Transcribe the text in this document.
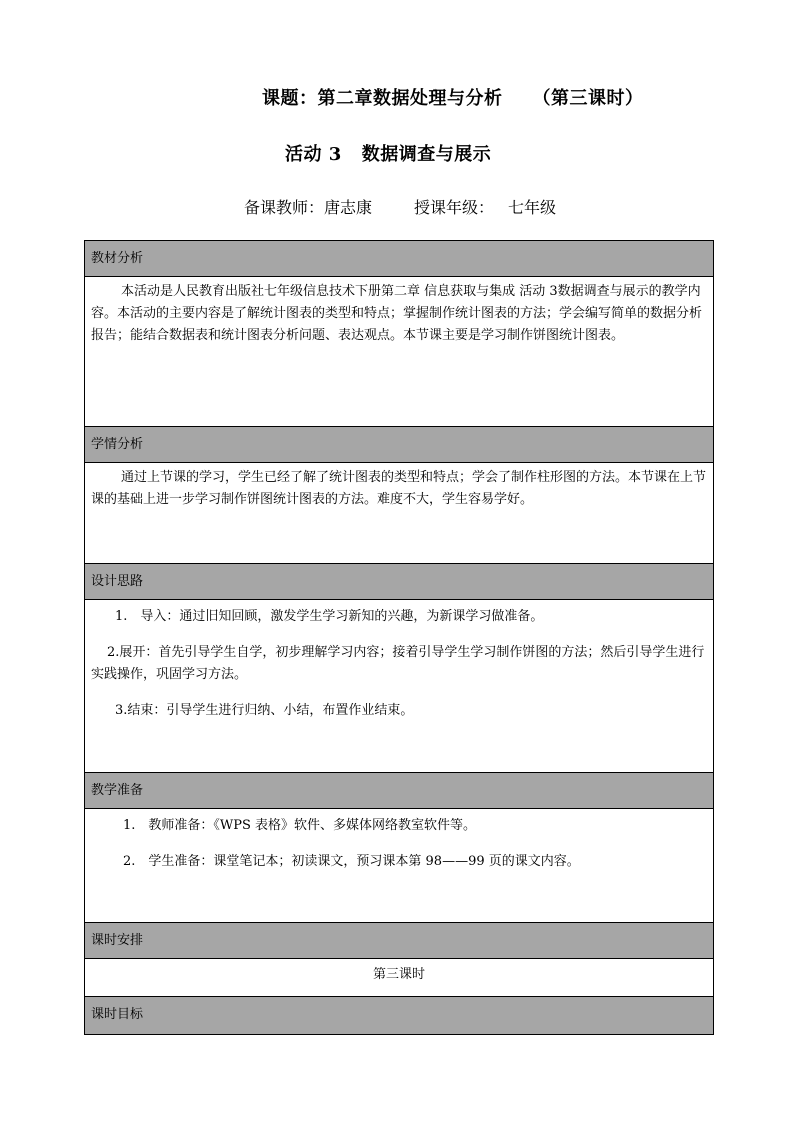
课题：第二章数据处理与分析 （第三课时）
活动 3 数据调查与展示
备课教师：唐志康	授课年级： 七年级
教材分析

本活动是人民教育出版社七年级信息技术下册第二章 信息获取与集成 活动 3数据调查与展示的教学内容。本活动的主要内容是了解统计图表的类型和特点；掌握制作统计图表的方法；学会编写简单的数据分析报告；能结合数据表和统计图表分析问题、表达观点。本节课主要是学习制作饼图统计图表。

学情分析

通过上节课的学习，学生已经了解了统计图表的类型和特点；学会了制作柱形图的方法。本节课在上节课的基础上进一步学习制作饼图统计图表的方法。难度不大，学生容易学好。

设计思路

1.　导入：通过旧知回顾，激发学生学习新知的兴趣，为新课学习做准备。

2.展开：首先引导学生自学，初步理解学习内容；接着引导学生学习制作饼图的方法；然后引导学生进行实践操作，巩固学习方法。

3.结束：引导学生进行归纳、小结，布置作业结束。

教学准备

1.　教师准备：《WPS 表格》软件、多媒体网络教室软件等。

2.　学生准备：课堂笔记本；初读课文，预习课本第 98——99 页的课文内容。

课时安排
第三课时
课时目标
